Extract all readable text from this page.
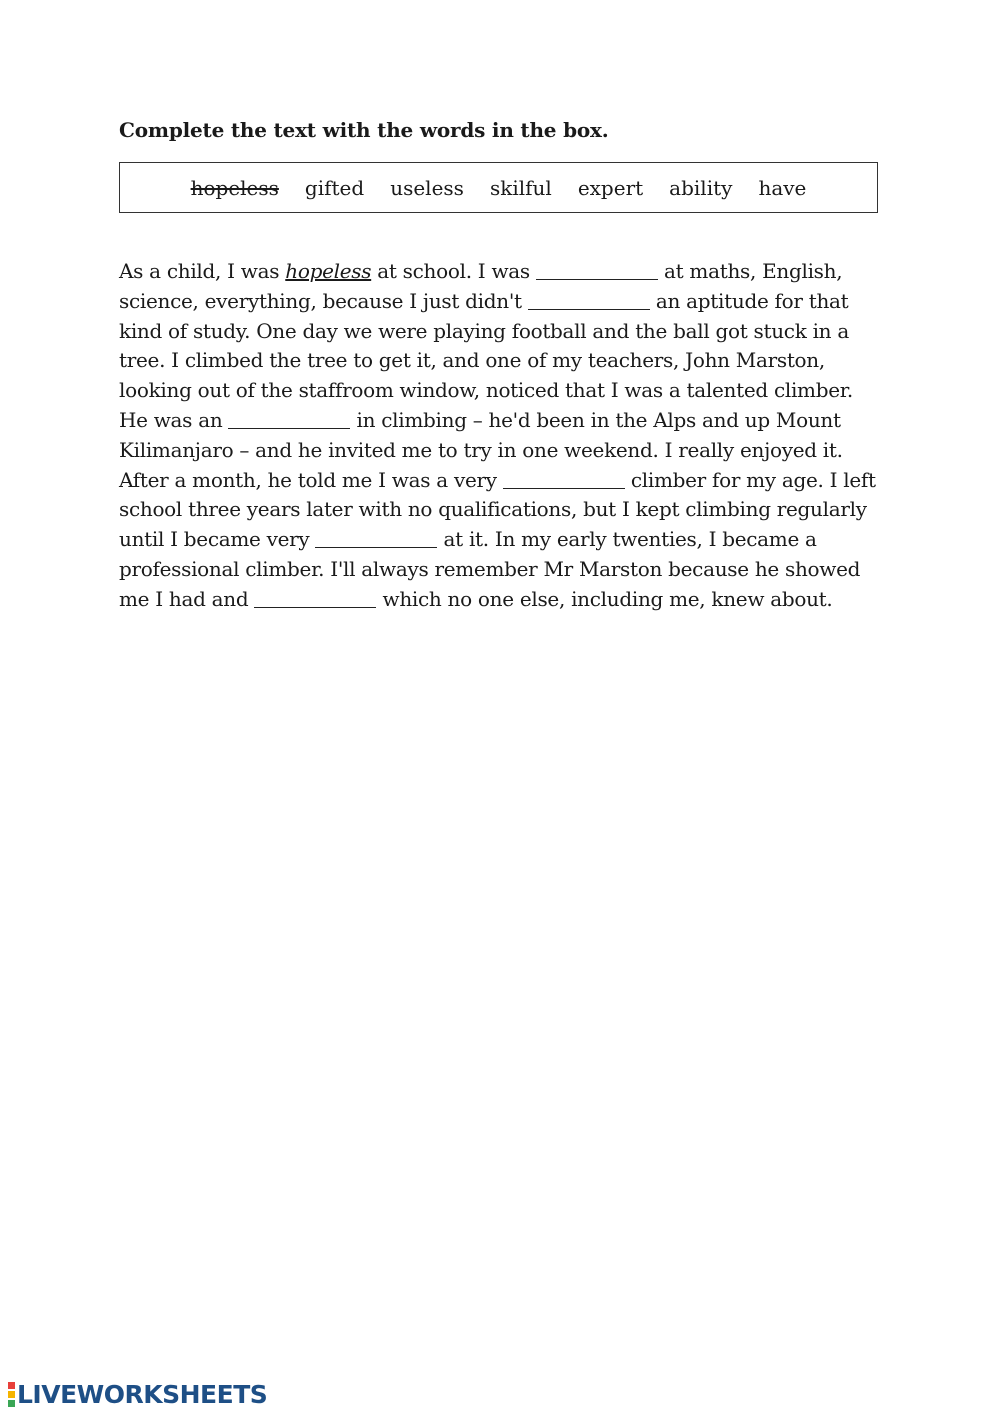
Complete the text with the words in the box.
hopeless gifted useless skilful expert ability have
As a child, I was hopeless at school. I was	at maths, English,
science, everything, because I just didn't	an aptitude for that
kind of study. One day we were playing football and the ball got stuck in a
tree. I climbed the tree to get it, and one of my teachers, John Marston,
looking out of the staffroom window, noticed that I was a talented climber.
He was an	in climbing – he'd been in the Alps and up Mount
Kilimanjaro – and he invited me to try in one weekend. I really enjoyed it.
After a month, he told me I was a very	climber for my age. I left
school three years later with no qualifications, but I kept climbing regularly
until I became very	at it. In my early twenties, I became a
professional climber. I'll always remember Mr Marston because he showed
me I had and	which no one else, including me, knew about.
LIVEWORKSHEETS
